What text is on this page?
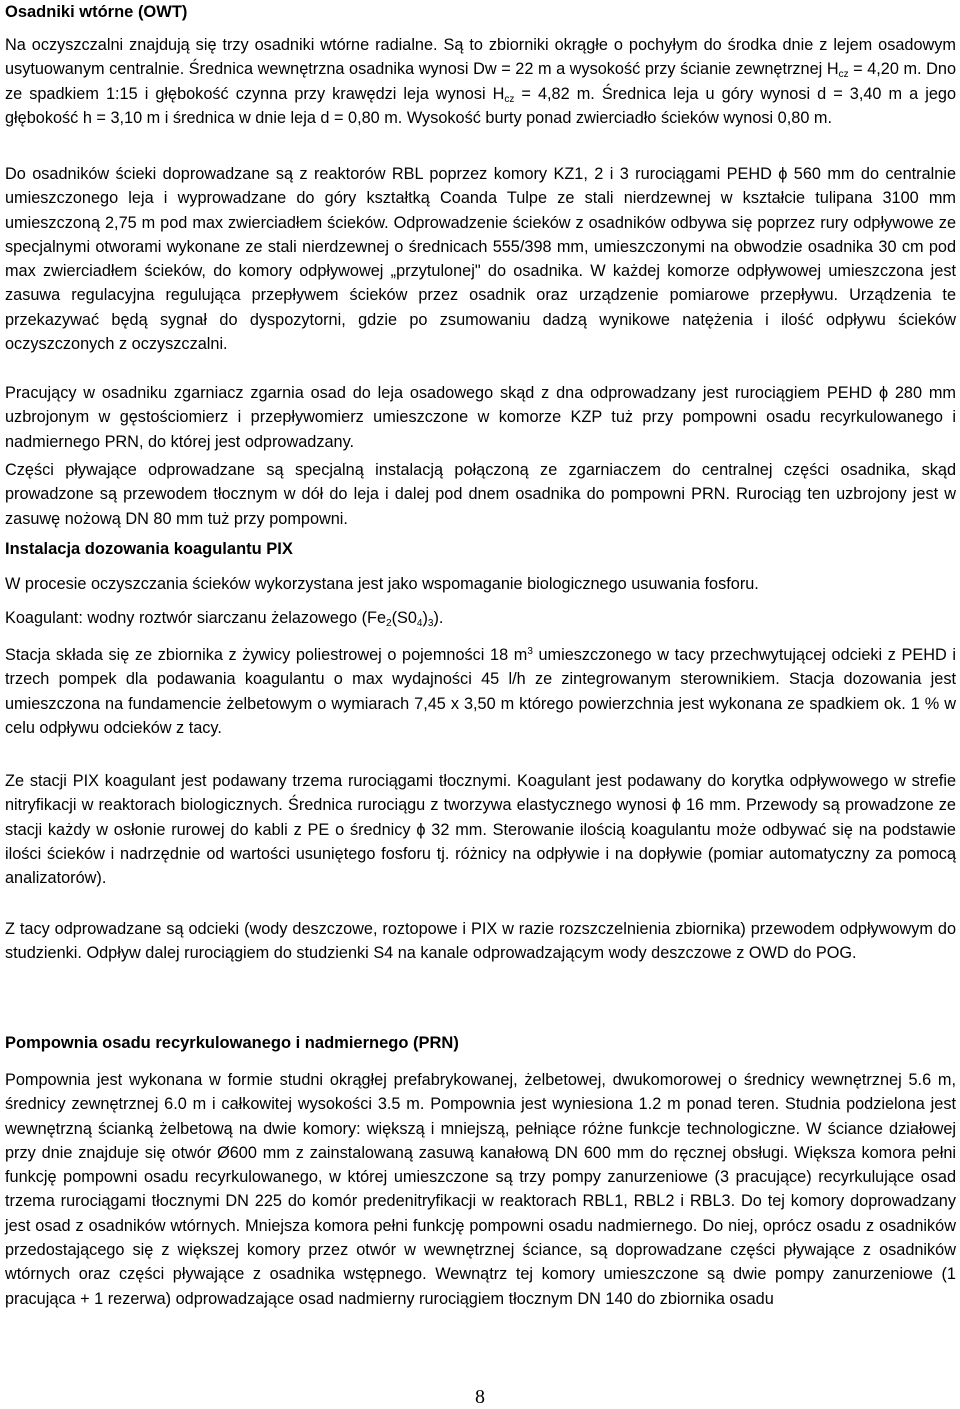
Osadniki wtórne (OWT)

Na oczyszczalni znajdują się trzy osadniki wtórne radialne. Są to zbiorniki okrągłe o pochyłym do środka dnie z lejem osadowym usytuowanym centralnie. Średnica wewnętrzna osadnika wynosi Dw = 22 m a wysokość przy ścianie zewnętrznej $H_{cz} = 4,20$ m. Dno ze spadkiem 1:15 i głębokość czynna przy krawędzi leja wynosi $H_{cz} = 4,82$ m. Średnica leja u góry wynosi d = 3,40 m a jego głębokość h = 3,10 m i średnica w dnie leja d = 0,80 m. Wysokość burty ponad zwierciadło ścieków wynosi 0,80 m.

Do osadników ścieki doprowadzane są z reaktorów RBL poprzez komory KZ1, 2 i 3 rurociągami PEHD ϕ 560 mm do centralnie umieszczonego leja i wyprowadzane do góry kształtką Coanda Tulpe ze stali nierdzewnej w kształcie tulipana 3100 mm umieszczoną 2,75 m pod max zwierciadłem ścieków. Odprowadzenie ścieków z osadników odbywa się poprzez rury odpływowe ze specjalnymi otworami wykonane ze stali nierdzewnej o średnicach 555/398 mm, umieszczonymi na obwodzie osadnika 30 cm pod max zwierciadłem ścieków, do komory odpływowej „przytulonej" do osadnika. W każdej komorze odpływowej umieszczona jest zasuwa regulacyjna regulująca przepływem ścieków przez osadnik oraz urządzenie pomiarowe przepływu. Urządzenia te przekazywać będą sygnał do dyspozytorni, gdzie po zsumowaniu dadzą wynikowe natężenia i ilość odpływu ścieków oczyszczonych z oczyszczalni.

Pracujący w osadniku zgarniacz zgarnia osad do leja osadowego skąd z dna odprowadzany jest rurociągiem PEHD ϕ 280 mm uzbrojonym w gęstościomierz i przepływomierz umieszczone w komorze KZP tuż przy pompowni osadu recyrkulowanego i nadmiernego PRN, do której jest odprowadzany.

Części pływające odprowadzane są specjalną instalacją połączoną ze zgarniaczem do centralnej części osadnika, skąd prowadzone są przewodem tłocznym w dół do leja i dalej pod dnem osadnika do pompowni PRN. Rurociąg ten uzbrojony jest w zasuwę nożową DN 80 mm tuż przy pompowni.

Instalacja dozowania koagulantu PIX

W procesie oczyszczania ścieków wykorzystana jest jako wspomaganie biologicznego usuwania fosforu.

Koagulant: wodny roztwór siarczanu żelazowego $(Fe_2(S0_4)_3)$.

Stacja składa się ze zbiornika z żywicy poliestrowej o pojemności 18 $m^3$ umieszczonego w tacy przechwytującej odcieki z PEHD i trzech pompek dla podawania koagulantu o max wydajności 45 l/h ze zintegrowanym sterownikiem. Stacja dozowania jest umieszczona na fundamencie żelbetowym o wymiarach 7,45 x 3,50 m którego powierzchnia jest wykonana ze spadkiem ok. 1 % w celu odpływu odcieków z tacy.

Ze stacji PIX koagulant jest podawany trzema rurociągami tłocznymi. Koagulant jest podawany do korytka odpływowego w strefie nitryfikacji w reaktorach biologicznych. Średnica rurociągu z tworzywa elastycznego wynosi ϕ 16 mm. Przewody są prowadzone ze stacji każdy w osłonie rurowej do kabli z PE o średnicy ϕ 32 mm. Sterowanie ilością koagulantu może odbywać się na podstawie ilości ścieków i nadrzędnie od wartości usuniętego fosforu tj. różnicy na odpływie i na dopływie (pomiar automatyczny za pomocą analizatorów).

Z tacy odprowadzane są odcieki (wody deszczowe, roztopowe i PIX w razie rozszczelnienia zbiornika) przewodem odpływowym do studzienki. Odpływ dalej rurociągiem do studzienki S4 na kanale odprowadzającym wody deszczowe z OWD do POG.

Pompownia osadu recyrkulowanego i nadmiernego (PRN)

Pompownia jest wykonana w formie studni okrągłej prefabrykowanej, żelbetowej, dwukomorowej o średnicy wewnętrznej 5.6 m, średnicy zewnętrznej 6.0 m i całkowitej wysokości 3.5 m. Pompownia jest wyniesiona 1.2 m ponad teren. Studnia podzielona jest wewnętrzną ścianką żelbetową na dwie komory: większą i mniejszą, pełniące różne funkcje technologiczne. W ściance działowej przy dnie znajduje się otwór Ø600 mm z zainstalowaną zasuwą kanałową DN 600 mm do ręcznej obsługi. Większa komora pełni funkcję pompowni osadu recyrkulowanego, w której umieszczone są trzy pompy zanurzeniowe (3 pracujące) recyrkulujące osad trzema rurociągami tłocznymi DN 225 do komór predenitryfikacji w reaktorach RBL1, RBL2 i RBL3. Do tej komory doprowadzany jest osad z osadników wtórnych. Mniejsza komora pełni funkcję pompowni osadu nadmiernego. Do niej, oprócz osadu z osadników przedostającego się z większej komory przez otwór w wewnętrznej ściance, są doprowadzane części pływające z osadników wtórnych oraz części pływające z osadnika wstępnego. Wewnątrz tej komory umieszczone są dwie pompy zanurzeniowe (1 pracująca + 1 rezerwa) odprowadzające osad nadmierny rurociągiem tłocznym DN 140 do zbiornika osadu

8
